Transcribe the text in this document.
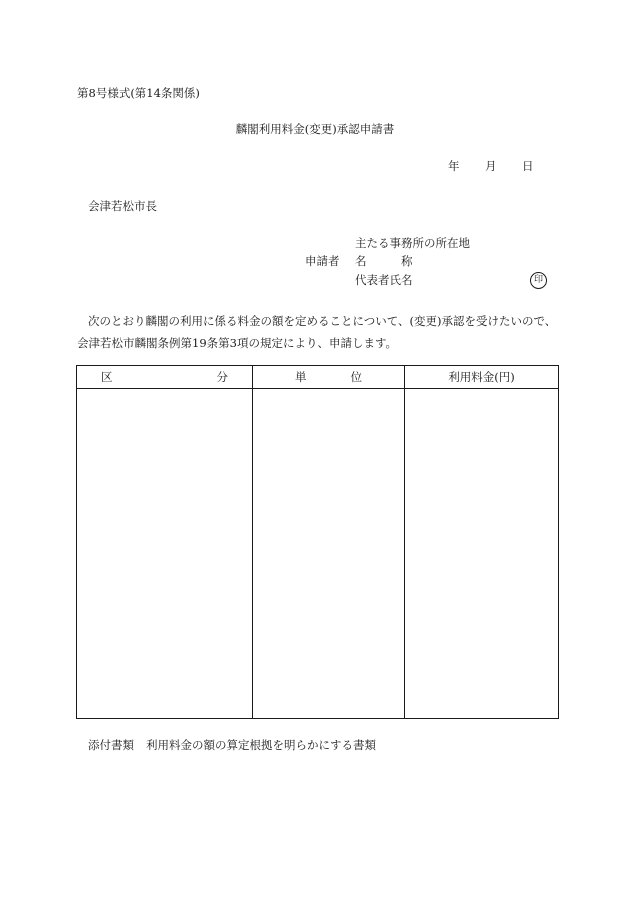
第8号様式(第14条関係)
麟閣利用料金(変更)承認申請書
年 月 日
会津若松市長
主たる事務所の所在地
申請者 名	称
代表者氏名	印
次のとおり麟閣の利用に係る料金の額を定めることについて、(変更)承認を受けたいので、会津若松市麟閣条例第19条第3項の規定により、申請します。
区 分	単 位	利用料金(円)

添付書類 利用料金の額の算定根拠を明らかにする書類
